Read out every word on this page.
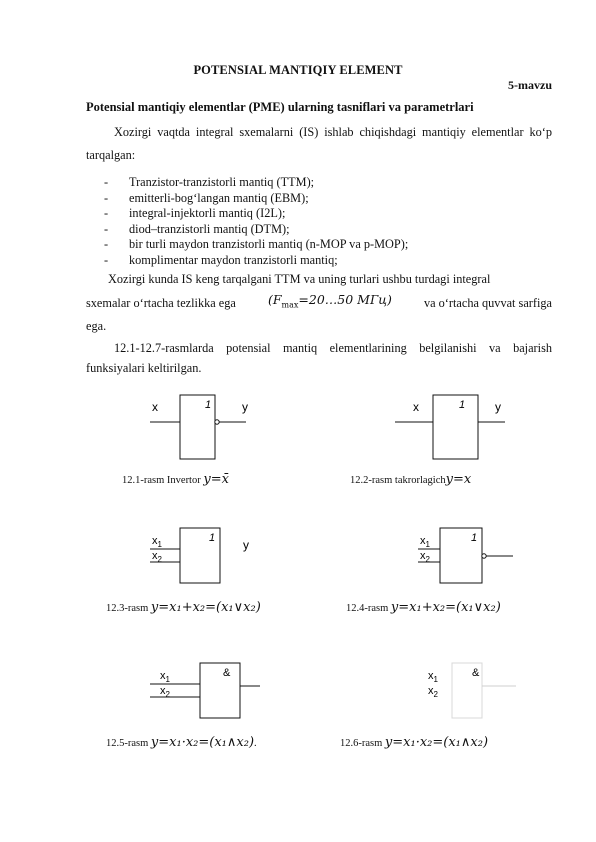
POTENSIAL MANTIQIY ELEMENT
5-mavzu
Potensial mantiqiy elementlar (PME) ularning tasniflari va parametrlari
Xozirgi vaqtda integral sxemalarni (IS) ishlab chiqishdagi mantiqiy elementlar ko‘p tarqalgan:
- Tranzistor-tranzistorli mantiq (TTM);
- emitterli-bog‘langan mantiq (EBM);
- integral-injektorli mantiq (I2L);
- diod–tranzistorli mantiq (DTM);
- bir turli maydon tranzistorli mantiq (n-MOP va p-MOP);
- komplimentar maydon tranzistorli mantiq;
Xozirgi kunda IS keng tarqalgani TTM va uning turlari ushbu turdagi integral
sxemalar o‘rtacha tezlikka ega	($F_{max}=20\dots 50$ MГц)	va o‘rtacha quvvat sarfiga
ega.
12.1-12.7-rasmlarda potensial mantiq elementlarining belgilanishi va bajarish funksiyalari keltirilgan.
x	1	y	x	1 y
12.1-rasm Invertor y=x̄	12.2-rasm takrorlagichy=x
$x_1$
$x_2$
1 y	$x_1$
$x_2$
1
12.3-rasm y=x₁+x₂=(x₁∨x₂)	12.4-rasm y=x₁+x₂=(x₁∨x₂)
$x_1$
$x_2$
&	$x_1$
$x_2$
&
12.5-rasm y=x₁·x₂=(x₁∧x₂).	12.6-rasm y=x₁·x₂=(x₁∧x₂)
